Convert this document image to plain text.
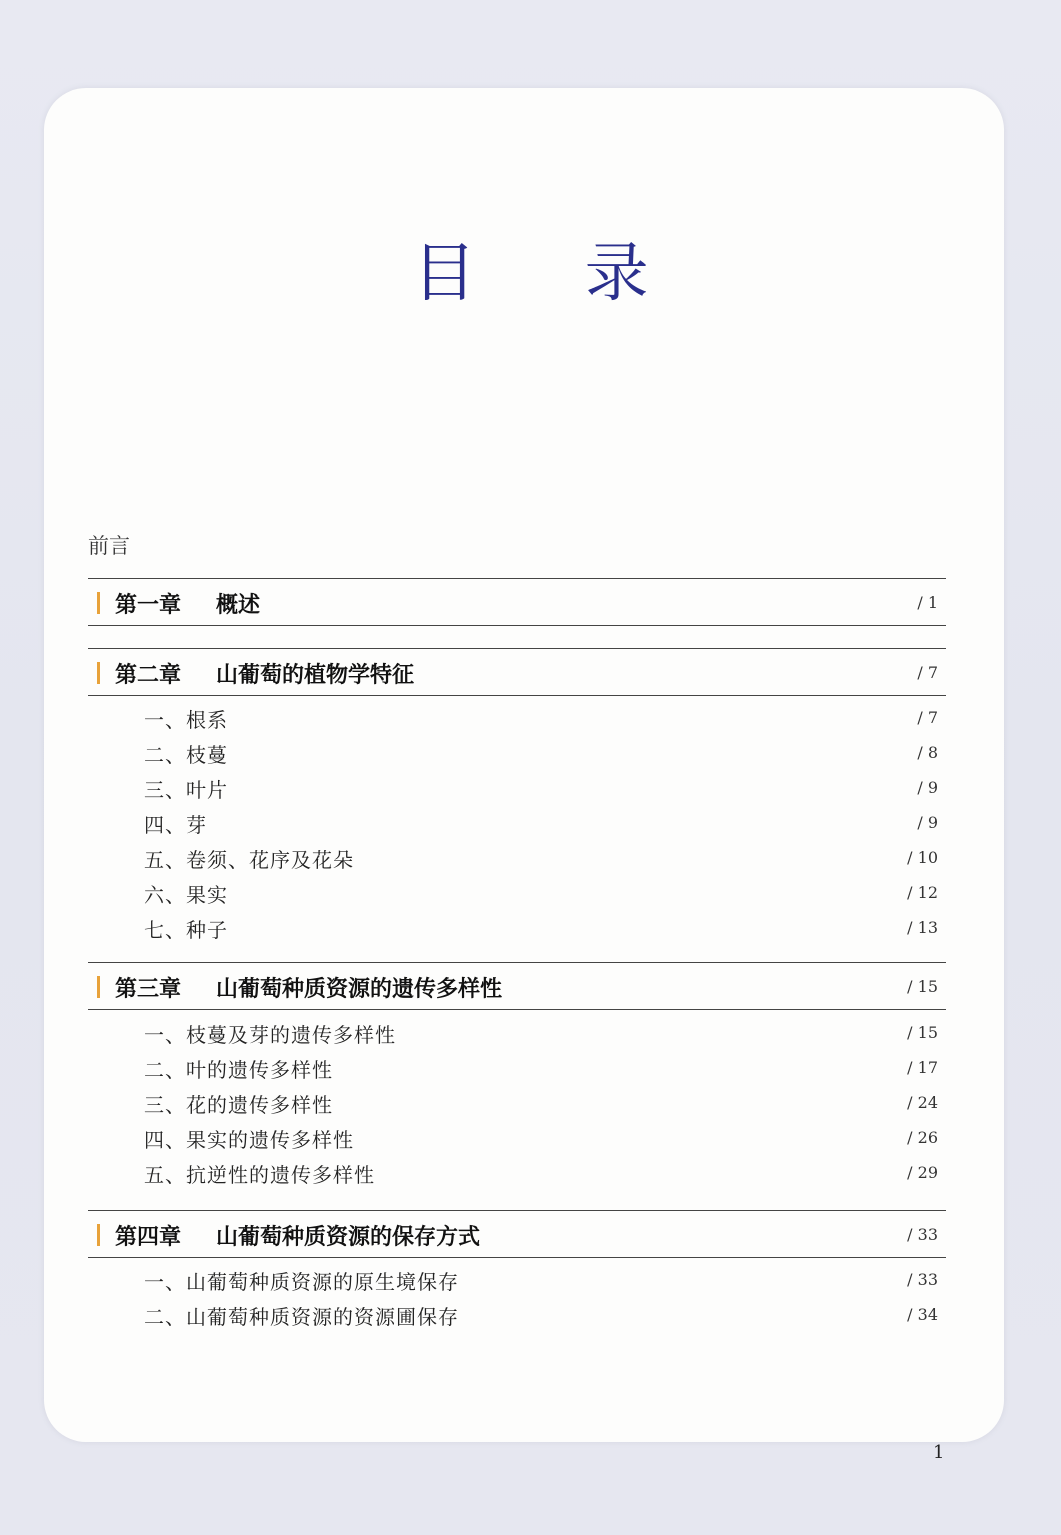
目 录
前言
第一章 概述	/ 1
第二章 山葡萄的植物学特征	/ 7
一、根系	/ 7
二、枝蔓	/ 8
三、叶片	/ 9
四、芽	/ 9
五、卷须、花序及花朵	/ 10
六、果实	/ 12
七、种子	/ 13
第三章 山葡萄种质资源的遗传多样性	/ 15
一、枝蔓及芽的遗传多样性	/ 15
二、叶的遗传多样性	/ 17
三、花的遗传多样性	/ 24
四、果实的遗传多样性	/ 26
五、抗逆性的遗传多样性	/ 29
第四章 山葡萄种质资源的保存方式	/ 33
一、山葡萄种质资源的原生境保存	/ 33
二、山葡萄种质资源的资源圃保存	/ 34
1
